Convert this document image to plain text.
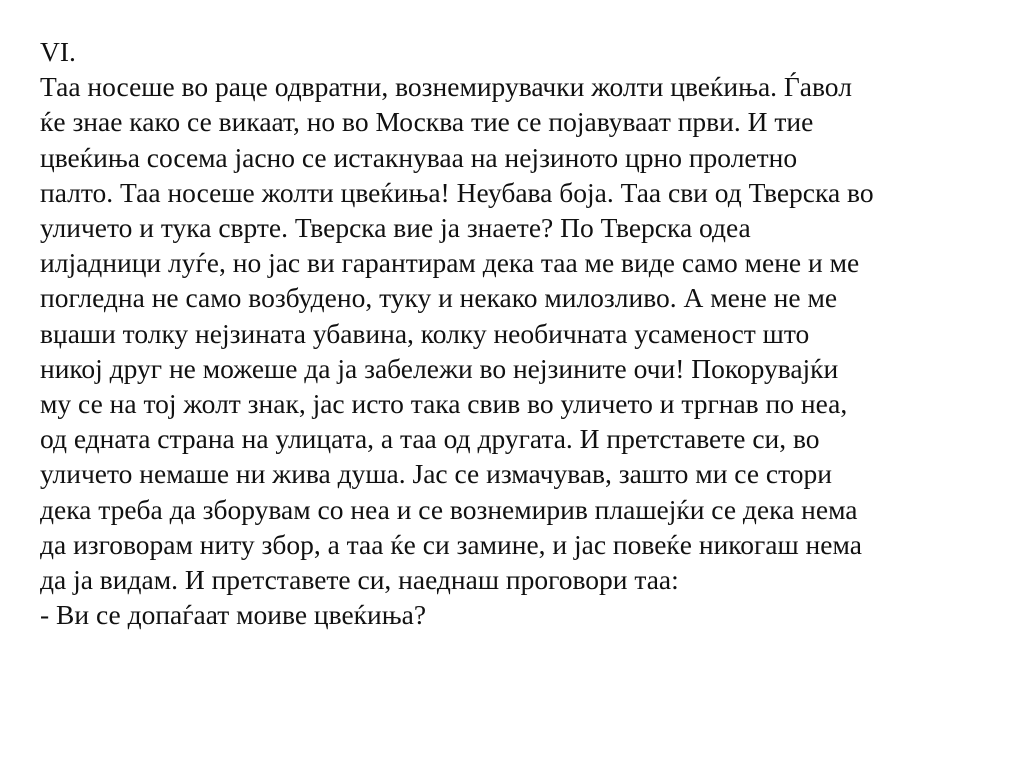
VI.
Таа носеше во раце одвратни, вознемирувачки жолти цвеќиња. Ѓавол
ќе знае како се викаат, но во Москва тие се појавуваат први. И тие
цвеќиња сосема јасно се истакнуваа на нејзиното црно пролетно
палто. Таа носеше жолти цвеќиња! Неубава боја. Таа сви од Тверска во
уличето и тука сврте. Тверска вие ја знаете? По Тверска одеа
илјадници луѓе, но јас ви гарантирам дека таа ме виде само мене и ме
погледна не само возбудено, туку и некако милозливо. А мене не ме
вџаши толку нејзината убавина, колку необичната усаменост што
никој друг не можеше да ја забележи во нејзините очи! Покорувајќи
му се на тој жолт знак, јас исто така свив во уличето и тргнав по неа,
од едната страна на улицата, а таа од другата. И претставете си, во
уличето немаше ни жива душа. Јас се измачував, зашто ми се стори
дека треба да зборувам со неа и се вознемирив плашејќи се дека нема
да изговорам ниту збор, а таа ќе си замине, и јас повеќе никогаш нема
да ја видам. И претставете си, наеднаш проговори таа:
- Ви се допаѓаат моиве цвеќиња?
